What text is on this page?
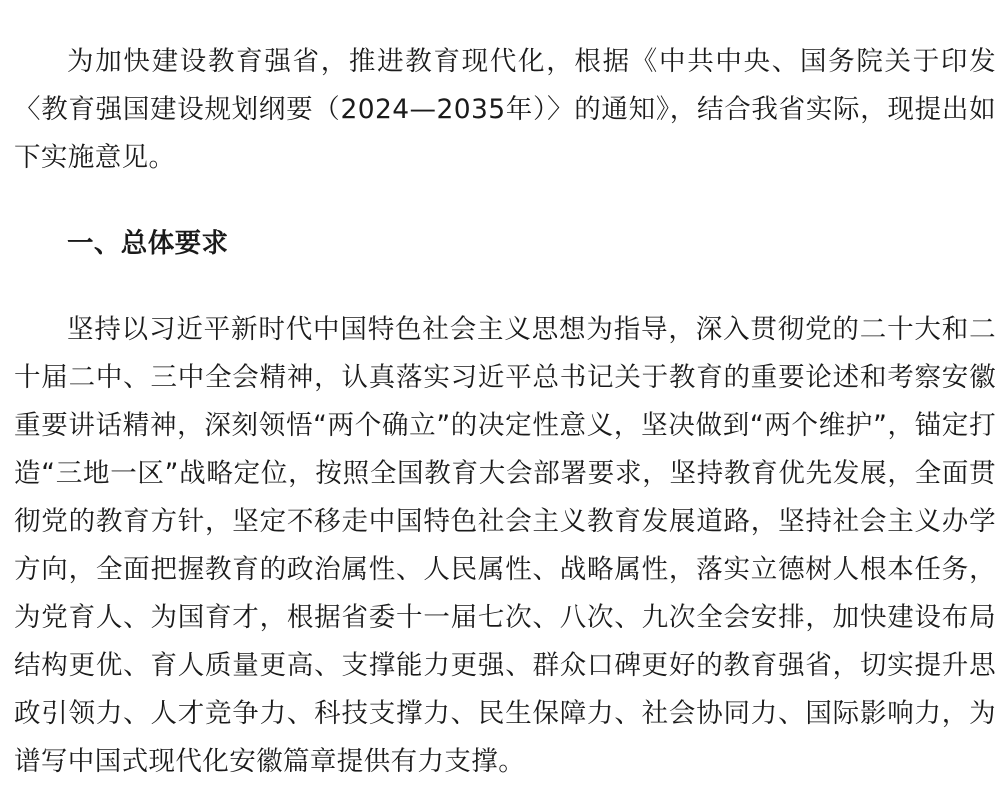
为加快建设教育强省，推进教育现代化，根据《中共中央、国务院关于印发〈教育强国建设规划纲要（2024—2035年）〉的通知》，结合我省实际，现提出如下实施意见。

一、总体要求

坚持以习近平新时代中国特色社会主义思想为指导，深入贯彻党的二十大和二十届二中、三中全会精神，认真落实习近平总书记关于教育的重要论述和考察安徽重要讲话精神，深刻领悟“两个确立”的决定性意义，坚决做到“两个维护”，锚定打造“三地一区”战略定位，按照全国教育大会部署要求，坚持教育优先发展，全面贯彻党的教育方针，坚定不移走中国特色社会主义教育发展道路，坚持社会主义办学方向，全面把握教育的政治属性、人民属性、战略属性，落实立德树人根本任务，为党育人、为国育才，根据省委十一届七次、八次、九次全会安排，加快建设布局结构更优、育人质量更高、支撑能力更强、群众口碑更好的教育强省，切实提升思政引领力、人才竞争力、科技支撑力、民生保障力、社会协同力、国际影响力，为谱写中国式现代化安徽篇章提供有力支撑。
